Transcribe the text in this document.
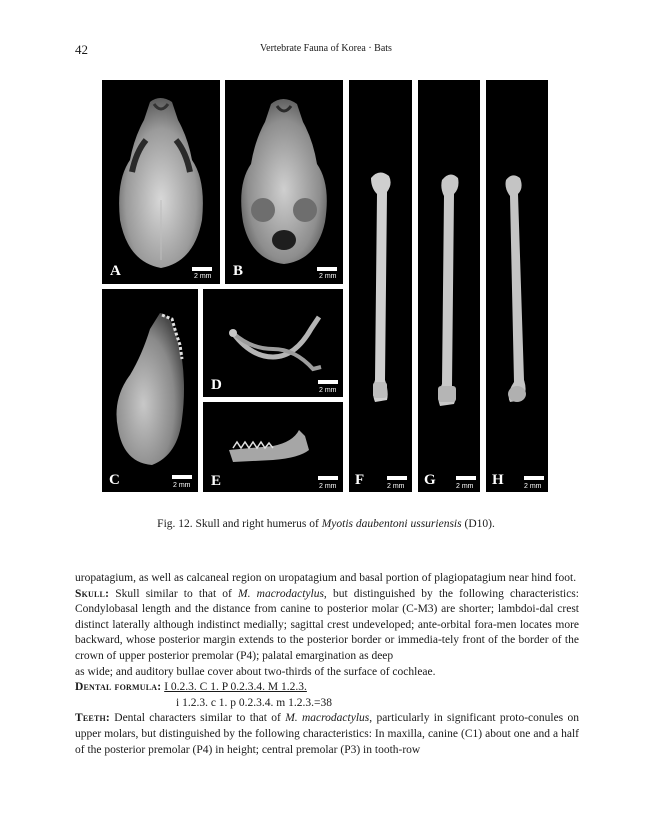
42	Vertebrate Fauna of Korea · Bats
A	2 mm B	2 mm
C	2 mm
D	2 mm
E	2 mm F	2 mm G	2 mm H	2 mm
Fig. 12. Skull and right humerus of Myotis daubentoni ussuriensis (D10).

uropatagium, as well as calcaneal region on uropatagium and basal portion of plagiopatagium near hind foot.

Skull: Skull similar to that of M. macrodactylus, but distinguished by the following characteristics: Condylobasal length and the distance from canine to posterior molar (C-M3) are shorter; lambdoi-dal crest distinct laterally although indistinct medially; sagittal crest undeveloped; ante-orbital fora-men locates more backward, whose posterior margin extends to the posterior border or immedia-tely front of the border of the crown of upper posterior premolar (P4); palatal emargination as deep

as wide; and auditory bullae cover about two-thirds of the surface of cochleae.
Dental formula: I 0.2.3. C 1. P 0.2.3.4. M 1.2.3.
i 1.2.3. c 1. p 0.2.3.4. m 1.2.3.=38

Teeth: Dental characters similar to that of M. macrodactylus, particularly in significant proto-conules on upper molars, but distinguished by the following characteristics: In maxilla, canine (C1) about one and a half of the posterior premolar (P4) in height; central premolar (P3) in tooth-row
